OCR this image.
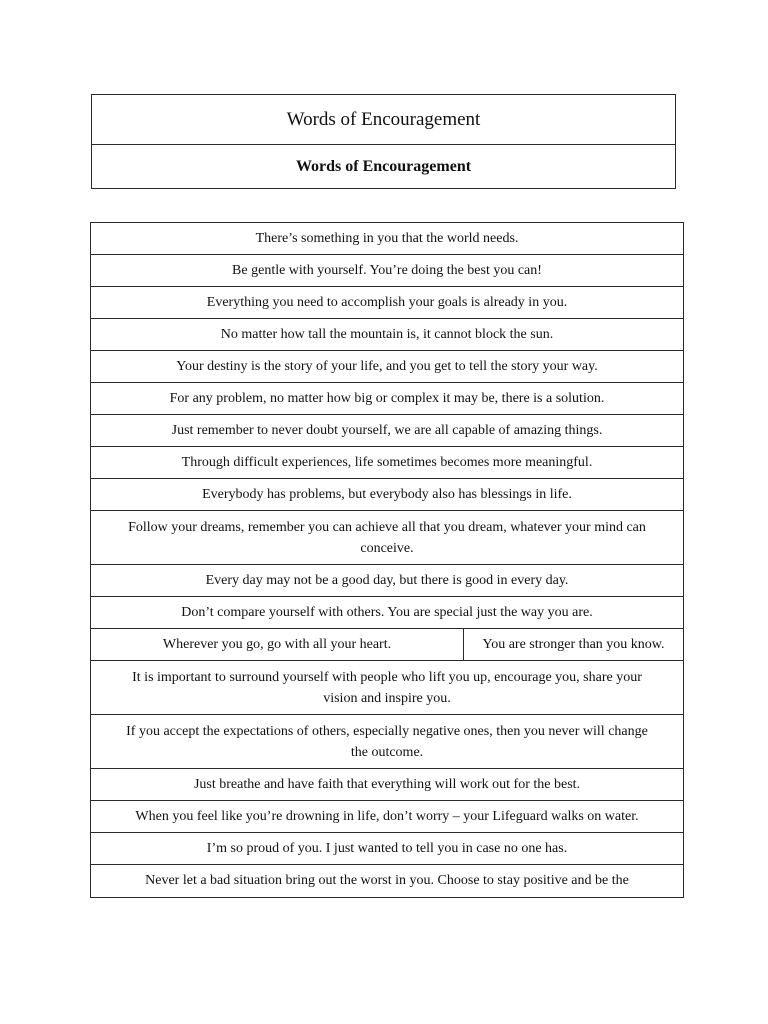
Words of Encouragement
Words of Encouragement
There’s something in you that the world needs.
Be gentle with yourself. You’re doing the best you can!
Everything you need to accomplish your goals is already in you.
No matter how tall the mountain is, it cannot block the sun.
Your destiny is the story of your life, and you get to tell the story your way.
For any problem, no matter how big or complex it may be, there is a solution.
Just remember to never doubt yourself, we are all capable of amazing things.
Through difficult experiences, life sometimes becomes more meaningful.
Everybody has problems, but everybody also has blessings in life.
Follow your dreams, remember you can achieve all that you dream, whatever your mind can conceive.
Every day may not be a good day, but there is good in every day.
Don’t compare yourself with others. You are special just the way you are.
Wherever you go, go with all your heart.	You are stronger than you know.
It is important to surround yourself with people who lift you up, encourage you, share your vision and inspire you.
If you accept the expectations of others, especially negative ones, then you never will change the outcome.
Just breathe and have faith that everything will work out for the best.
When you feel like you’re drowning in life, don’t worry – your Lifeguard walks on water.
I’m so proud of you. I just wanted to tell you in case no one has.
Never let a bad situation bring out the worst in you. Choose to stay positive and be the
